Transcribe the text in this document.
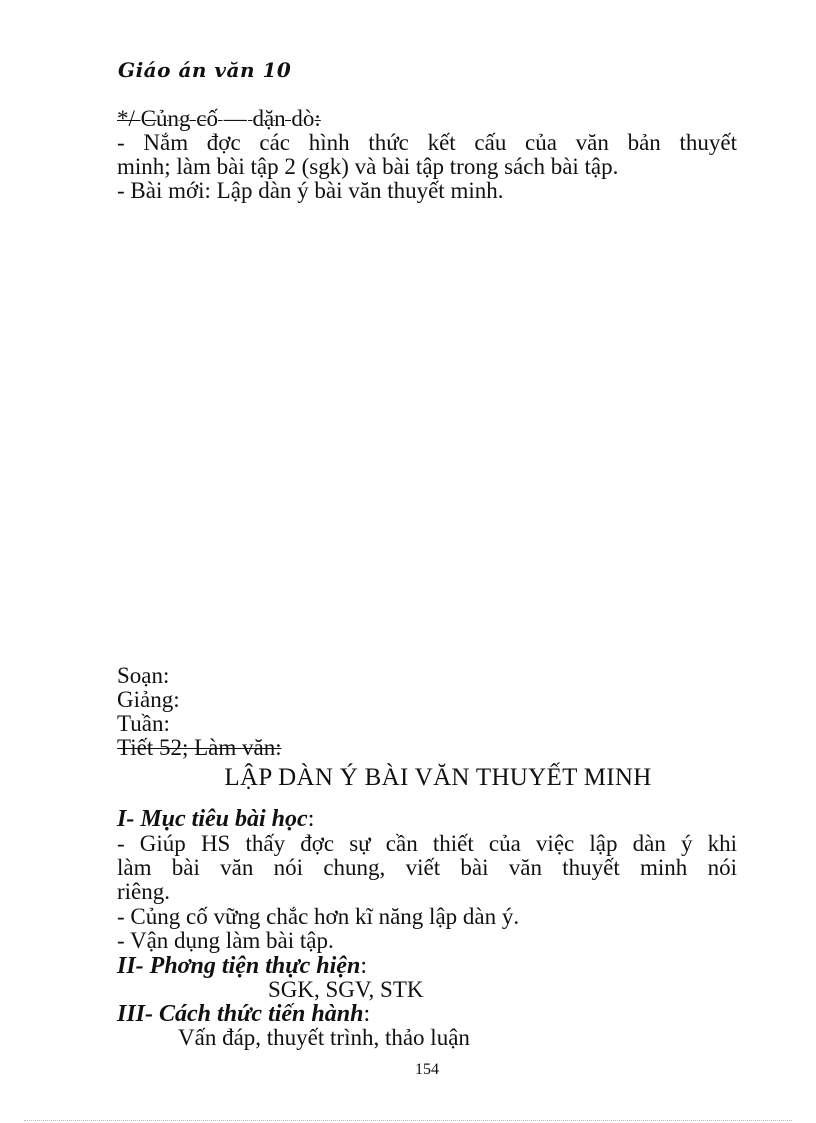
Giáo án văn 10
*/ Củng cố — dặn dò:
- Nắm đợc các hình thức kết cấu của văn bản thuyết
minh; làm bài tập 2 (sgk) và bài tập trong sách bài tập.
- Bài mới: Lập dàn ý bài văn thuyết minh.
Soạn:
Giảng:
Tuần:
Tiết 52; Làm văn:
LẬP DÀN Ý BÀI VĂN THUYẾT MINH
I- Mục tiêu bài học:
- Giúp HS thấy đợc sự cần thiết của việc lập dàn ý khi
làm bài văn nói chung, viết bài văn thuyết minh nói
riêng.
- Củng cố vững chắc hơn kĩ năng lập dàn ý.
- Vận dụng làm bài tập.
II- Phơng tiện thực hiện:
SGK, SGV, STK
III- Cách thức tiến hành:
Vấn đáp, thuyết trình, thảo luận
154
